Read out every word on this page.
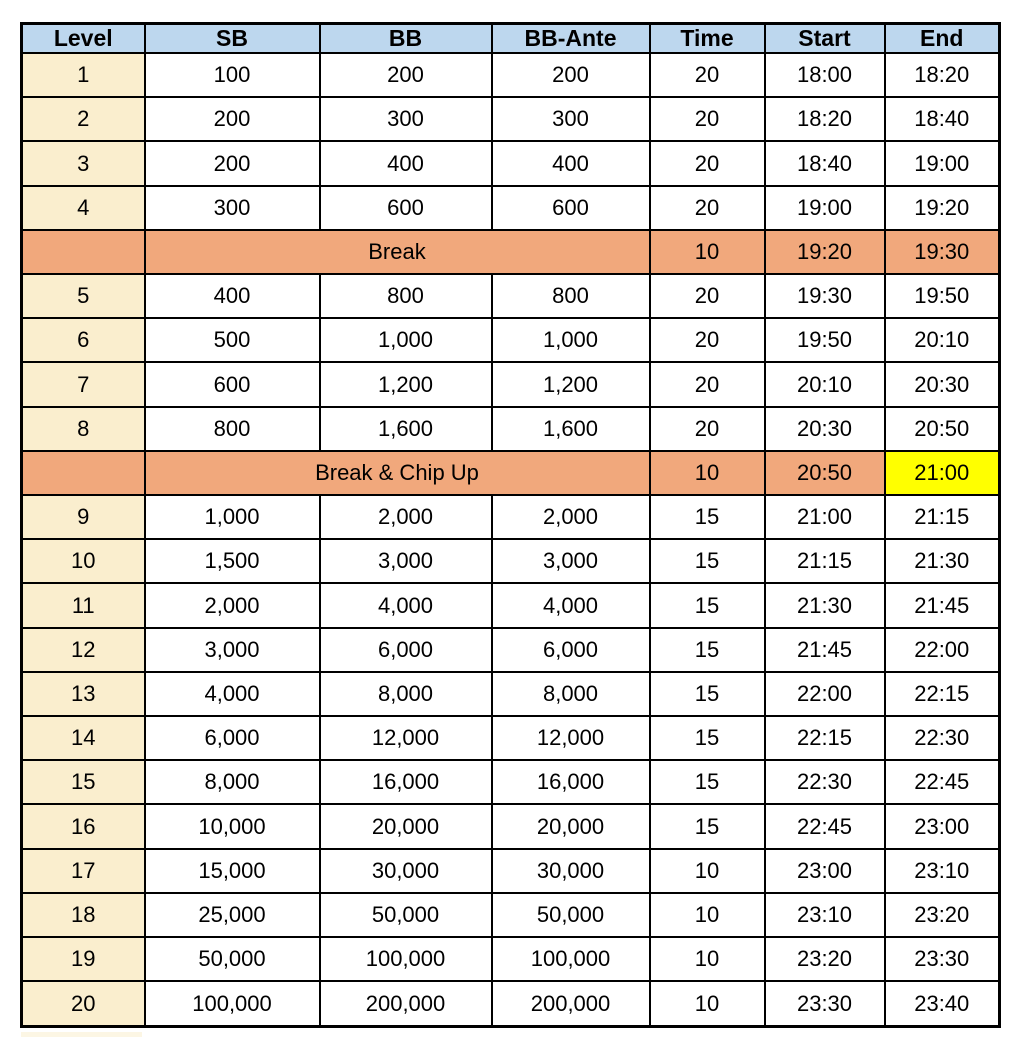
Level	SB	BB	BB-Ante	Time	Start	End
1	100	200	200	20	18:00	18:20
2	200	300	300	20	18:20	18:40
3	200	400	400	20	18:40	19:00
4	300	600	600	20	19:00	19:20
	Break			10	19:20	19:30
5	400	800	800	20	19:30	19:50
6	500	1,000	1,000	20	19:50	20:10
7	600	1,200	1,200	20	20:10	20:30
8	800	1,600	1,600	20	20:30	20:50
	Break & Chip Up			10	20:50	21:00
9	1,000	2,000	2,000	15	21:00	21:15
10	1,500	3,000	3,000	15	21:15	21:30
11	2,000	4,000	4,000	15	21:30	21:45
12	3,000	6,000	6,000	15	21:45	22:00
13	4,000	8,000	8,000	15	22:00	22:15
14	6,000	12,000	12,000	15	22:15	22:30
15	8,000	16,000	16,000	15	22:30	22:45
16	10,000	20,000	20,000	15	22:45	23:00
17	15,000	30,000	30,000	10	23:00	23:10
18	25,000	50,000	50,000	10	23:10	23:20
19	50,000	100,000	100,000	10	23:20	23:30
20	100,000	200,000	200,000	10	23:30	23:40
